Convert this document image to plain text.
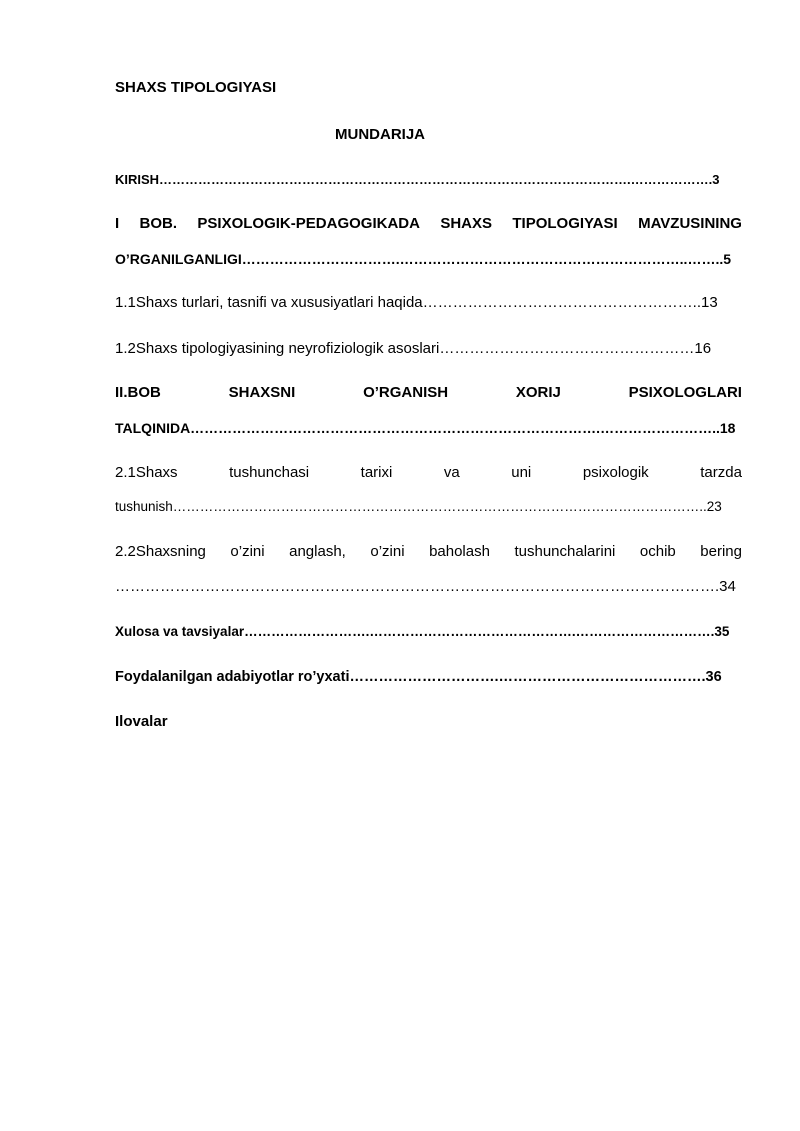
SHAXS TIPOLOGIYASI
MUNDARIJA
KIRISH……………………………………………………………………………………………….……………….3
I BOB. PSIXOLOGIK-PEDAGOGIKADA SHAXS TIPOLOGIYASI MAVZUSINING
O’RGANILGANLIGI…………………………….……………………………………………………..……..5
1.1Shaxs turlari, tasnifi va xususiyatlari haqida………………………………………………..13
1.2Shaxs tipologiyasining neyrofiziologik asoslari……………………………………………16
II.BOB	SHAXSNI	O’RGANISH	XORIJ	PSIXOLOGLARI
TALQINIDA…………………………………………………………………………….……………………..18
2.1Shaxs	tushunchasi	tarixi	va	uni	psixologik	tarzda
tushunish………………………………………………………………………………………………………..23
2.2Shaxsning o’zini anglash, o’zini baholash tushunchalarini ochib bering
………………………………………………………………………………………………………….34
Xulosa va tavsiyalar……………………….……………………………………….………………………….35
Foydalanilgan adabiyotlar ro’yxati………………………….…………………………………….36
Ilovalar
